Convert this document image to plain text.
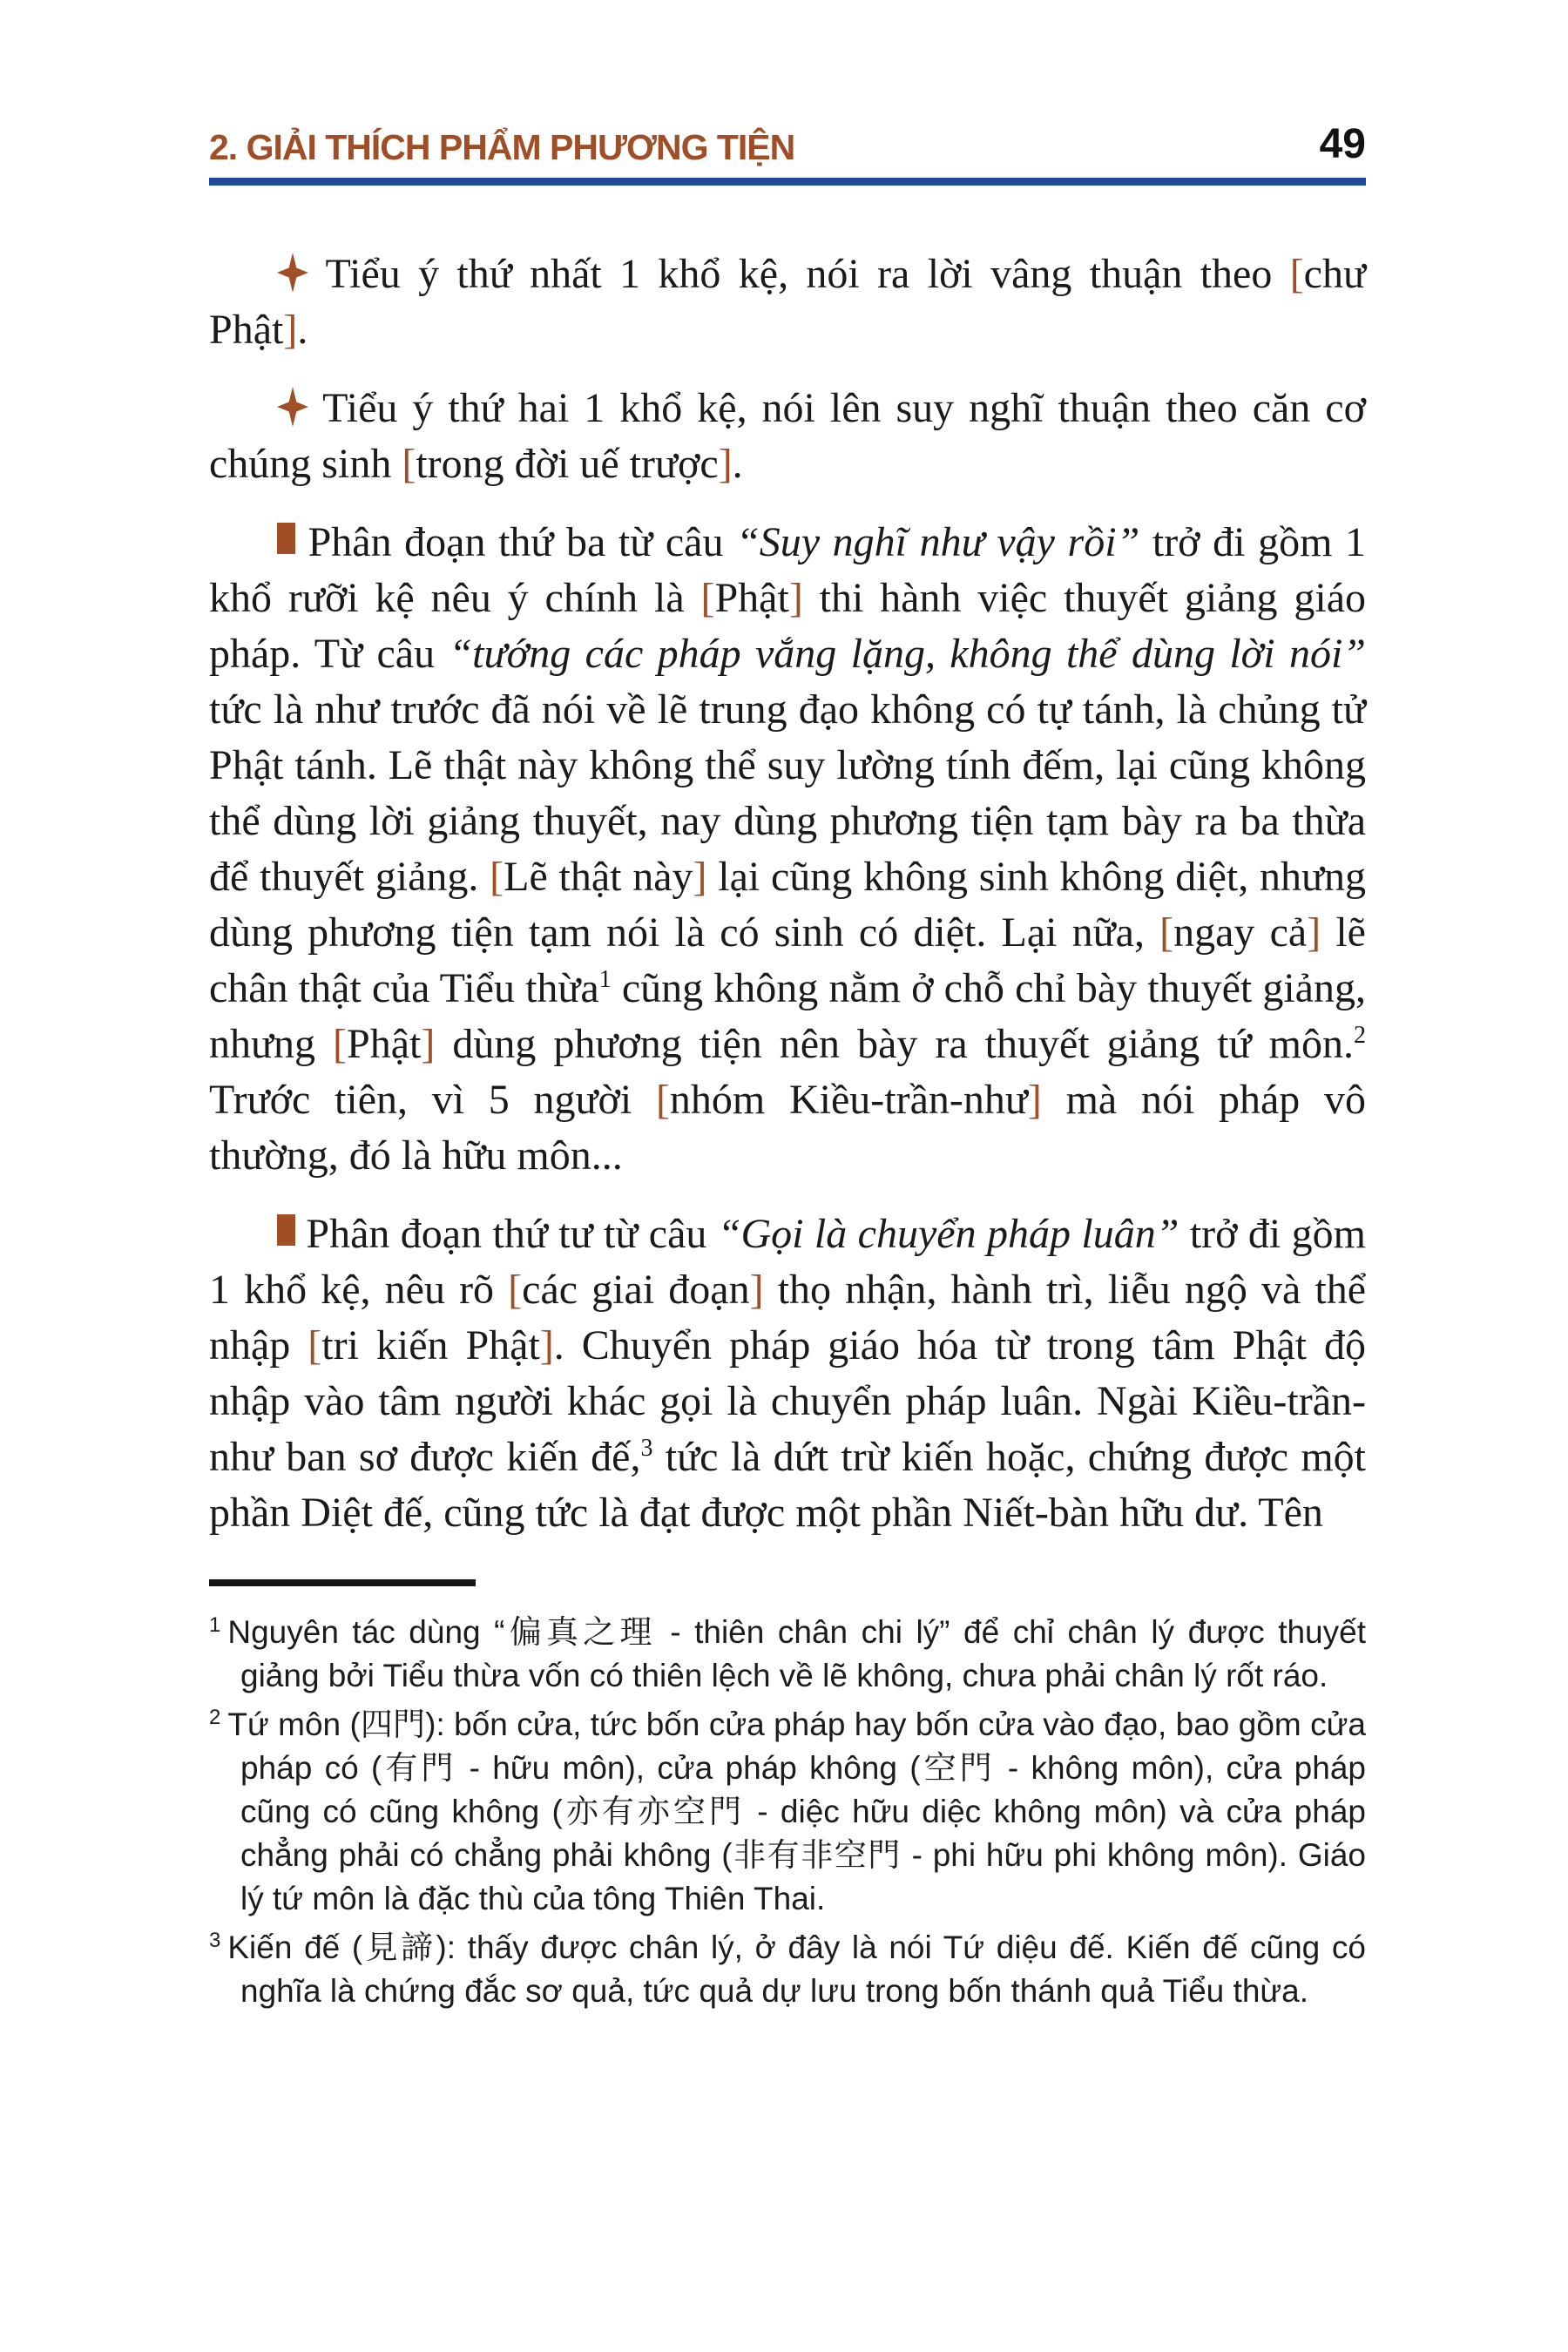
2. GIẢI THÍCH PHẨM PHƯƠNG TIỆN	49

Tiểu ý thứ nhất 1 khổ kệ, nói ra lời vâng thuận theo [chư Phật].

Tiểu ý thứ hai 1 khổ kệ, nói lên suy nghĩ thuận theo căn cơ chúng sinh [trong đời uế trược].

Phân đoạn thứ ba từ câu “Suy nghĩ như vậy rồi” trở đi gồm 1 khổ rưỡi kệ nêu ý chính là [Phật] thi hành việc thuyết giảng giáo pháp. Từ câu “tướng các pháp vắng lặng, không thể dùng lời nói” tức là như trước đã nói về lẽ trung đạo không có tự tánh, là chủng tử Phật tánh. Lẽ thật này không thể suy lường tính đếm, lại cũng không thể dùng lời giảng thuyết, nay dùng phương tiện tạm bày ra ba thừa để thuyết giảng. [Lẽ thật này] lại cũng không sinh không diệt, nhưng dùng phương tiện tạm nói là có sinh có diệt. Lại nữa, [ngay cả] lẽ chân thật của Tiểu thừa$^1$ cũng không nằm ở chỗ chỉ bày thuyết giảng, nhưng [Phật] dùng phương tiện nên bày ra thuyết giảng tứ môn.$^2$ Trước tiên, vì 5 người [nhóm Kiều-trần-như] mà nói pháp vô thường, đó là hữu môn...

Phân đoạn thứ tư từ câu “Gọi là chuyển pháp luân” trở đi gồm 1 khổ kệ, nêu rõ [các giai đoạn] thọ nhận, hành trì, liễu ngộ và thể nhập [tri kiến Phật]. Chuyển pháp giáo hóa từ trong tâm Phật độ nhập vào tâm người khác gọi là chuyển pháp luân. Ngài Kiều-trần-như ban sơ được kiến đế,$^3$ tức là dứt trừ kiến hoặc, chứng được một phần Diệt đế, cũng tức là đạt được một phần Niết-bàn hữu dư. Tên

$^1$ Nguyên tác dùng “偏真之理 - thiên chân chi lý” để chỉ chân lý được thuyết giảng bởi Tiểu thừa vốn có thiên lệch về lẽ không, chưa phải chân lý rốt ráo.

$^2$ Tứ môn (四門): bốn cửa, tức bốn cửa pháp hay bốn cửa vào đạo, bao gồm cửa pháp có (有門 - hữu môn), cửa pháp không (空門 - không môn), cửa pháp cũng có cũng không (亦有亦空門 - diệc hữu diệc không môn) và cửa pháp chẳng phải có chẳng phải không (非有非空門 - phi hữu phi không môn). Giáo lý tứ môn là đặc thù của tông Thiên Thai.

$^3$ Kiến đế (見諦): thấy được chân lý, ở đây là nói Tứ diệu đế. Kiến đế cũng có nghĩa là chứng đắc sơ quả, tức quả dự lưu trong bốn thánh quả Tiểu thừa.
